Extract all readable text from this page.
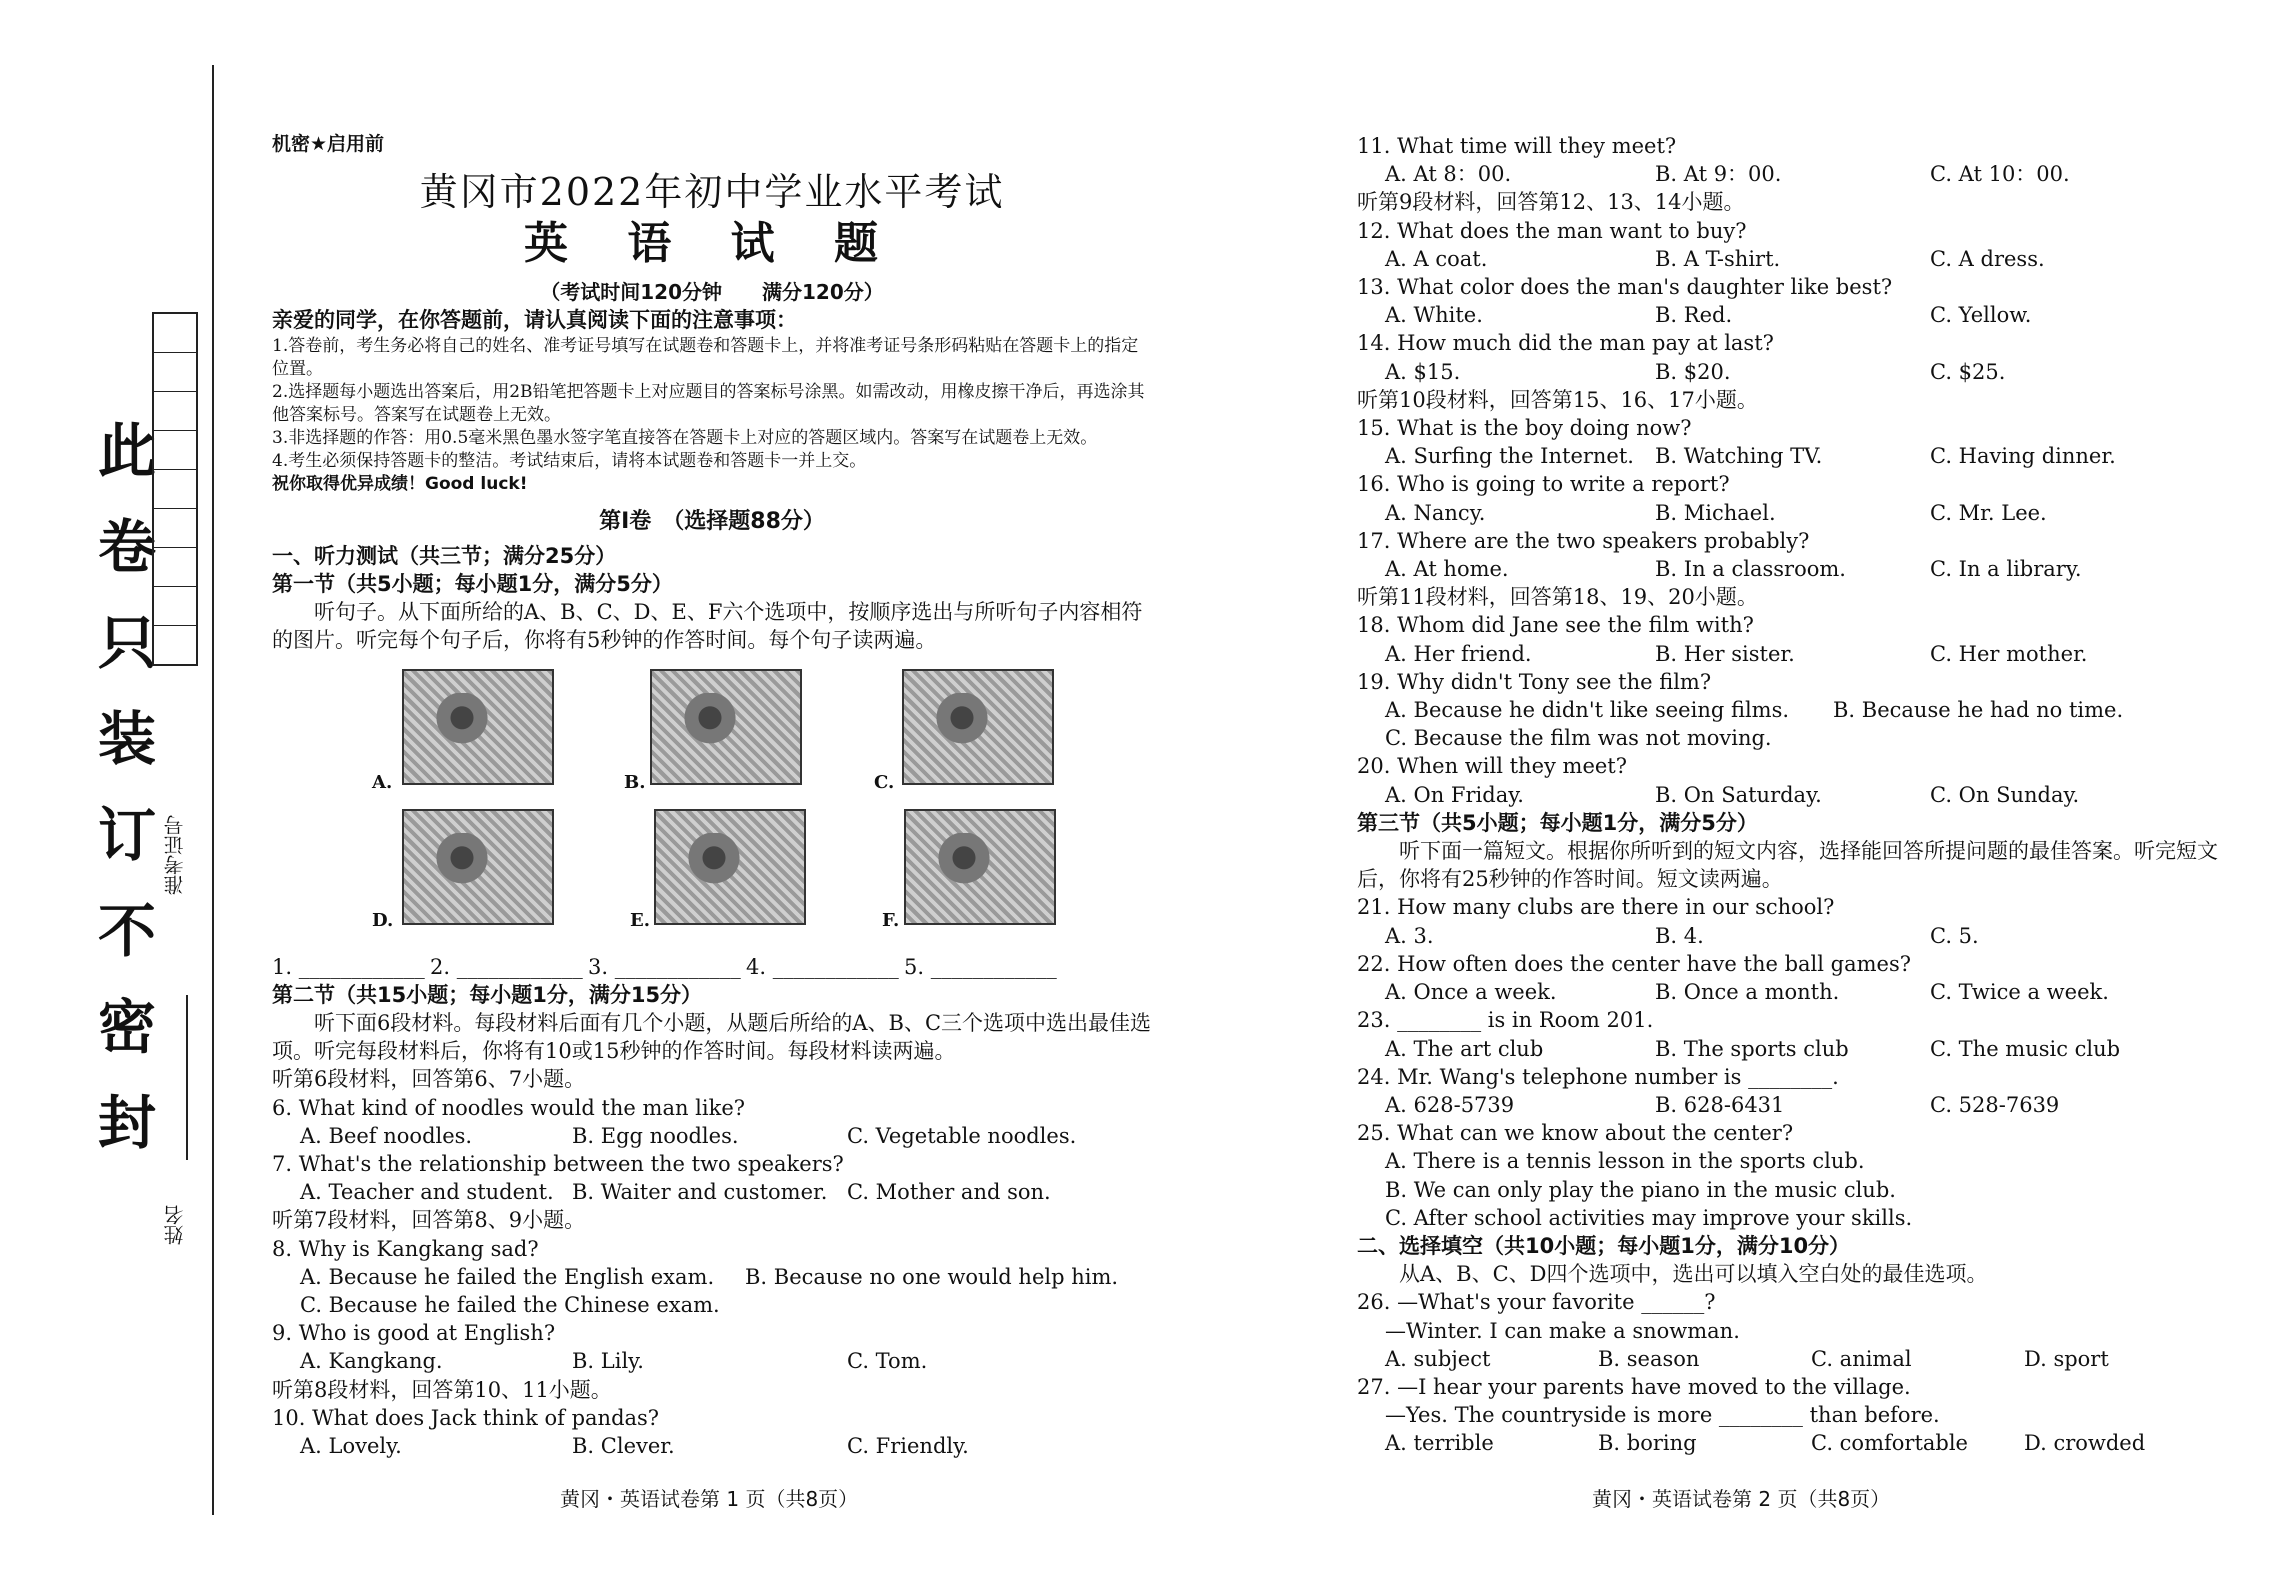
此卷只装订不密封 准考证号
姓名

机密★启用前

黄冈市2022年初中学业水平考试

英 语 试 题

（考试时间120分钟　　满分120分）

亲爱的同学，在你答题前，请认真阅读下面的注意事项：

1.答卷前，考生务必将自己的姓名、准考证号填写在试题卷和答题卡上，并将准考证号条形码粘贴在答题卡上的指定位置。

2.选择题每小题选出答案后，用2B铅笔把答题卡上对应题目的答案标号涂黑。如需改动，用橡皮擦干净后，再选涂其他答案标号。答案写在试题卷上无效。

3.非选择题的作答：用0.5毫米黑色墨水签字笔直接答在答题卡上对应的答题区域内。答案写在试题卷上无效。

4.考生必须保持答题卡的整洁。考试结束后，请将本试题卷和答题卡一并上交。

祝你取得优异成绩！Good luck!

第Ⅰ卷　（选择题88分）

一、听力测试（共三节；满分25分）

第一节（共5小题；每小题1分，满分5分）

听句子。从下面所给的A、B、C、D、E、F六个选项中，按顺序选出与所听句子内容相符的图片。听完每个句子后，你将有5秒钟的作答时间。每个句子读两遍。

A.	B.	C.
D.	E.	F.

1. ____________ 2. ____________ 3. ____________ 4. ____________ 5. ____________

第二节（共15小题；每小题1分，满分15分）

听下面6段材料。每段材料后面有几个小题，从题后所给的A、B、C三个选项中选出最佳选项。听完每段材料后，你将有10或15秒钟的作答时间。每段材料读两遍。

听第6段材料，回答第6、7小题。

6. What kind of noodles would the man like?

A. Beef noodles.	B. Egg noodles.	C. Vegetable noodles.

7. What's the relationship between the two speakers?

A. Teacher and student. B. Waiter and customer. C. Mother and son.

听第7段材料，回答第8、9小题。

8. Why is Kangkang sad?

A. Because he failed the English exam.	B. Because no one would help him.

C. Because he failed the Chinese exam.

9. Who is good at English?

A. Kangkang.	B. Lily.	C. Tom.

听第8段材料，回答第10、11小题。

10. What does Jack think of pandas?

A. Lovely.	B. Clever.	C. Friendly.

黄冈・英语试卷第 1 页（共8页）

11. What time will they meet?

A. At 8：00.	B. At 9：00.	C. At 10：00.

听第9段材料，回答第12、13、14小题。

12. What does the man want to buy?

A. A coat.	B. A T-shirt.	C. A dress.

13. What color does the man's daughter like best?

A. White.	B. Red.	C. Yellow.

14. How much did the man pay at last?

A. $15.	B. $20.	C. $25.

听第10段材料，回答第15、16、17小题。

15. What is the boy doing now?

A. Surfing the Internet.	B. Watching TV.	C. Having dinner.

16. Who is going to write a report?

A. Nancy.	B. Michael.	C. Mr. Lee.

17. Where are the two speakers probably?

A. At home.	B. In a classroom.	C. In a library.

听第11段材料，回答第18、19、20小题。

18. Whom did Jane see the film with?

A. Her friend.	B. Her sister.	C. Her mother.

19. Why didn't Tony see the film?

A. Because he didn't like seeing films.	B. Because he had no time.

C. Because the film was not moving.

20. When will they meet?

A. On Friday.	B. On Saturday.	C. On Sunday.

第三节（共5小题；每小题1分，满分5分）

听下面一篇短文。根据你所听到的短文内容，选择能回答所提问题的最佳答案。听完短文后，你将有25秒钟的作答时间。短文读两遍。

21. How many clubs are there in our school?

A. 3.	B. 4.	C. 5.

22. How often does the center have the ball games?

A. Once a week.	B. Once a month.	C. Twice a week.

23. ________ is in Room 201.

A. The art club	B. The sports club	C. The music club

24. Mr. Wang's telephone number is ________.

A. 628-5739	B. 628-6431	C. 528-7639

25. What can we know about the center?

A. There is a tennis lesson in the sports club.

B. We can only play the piano in the music club.

C. After school activities may improve your skills.

二、选择填空（共10小题；每小题1分，满分10分）

从A、B、C、D四个选项中，选出可以填入空白处的最佳选项。

26. —What's your favorite ______?

—Winter. I can make a snowman.

A. subject	B. season	C. animal	D. sport

27. —I hear your parents have moved to the village.

—Yes. The countryside is more ________ than before.

A. terrible	B. boring	C. comfortable	D. crowded

黄冈・英语试卷第 2 页（共8页）
